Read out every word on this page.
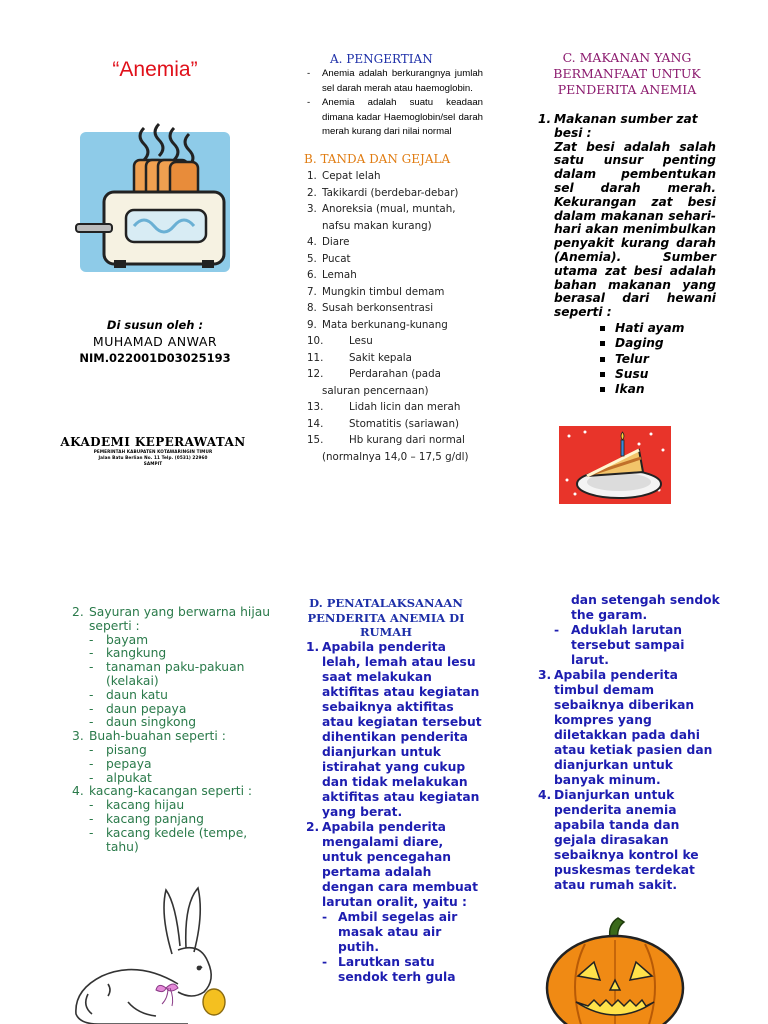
“Anemia”
Di susun oleh :
MUHAMAD ANWAR
NIM.022001D03025193
AKADEMI KEPERAWATAN
PEMERINTAH KABUPATEN KOTAWARINGIN TIMUR
Jalan Batu Berlian No. 11 Telp. (0531) 22960
SAMPIT
A. PENGERTIAN
- Anemia adalah berkurangnya jumlah sel darah merah atau haemoglobin.
- Anemia adalah suatu keadaan dimana kadar Haemoglobin/sel darah merah kurang dari nilai normal
B. TANDA DAN GEJALA
1. Cepat lelah
2. Takikardi (berdebar-debar)
3. Anoreksia (mual, muntah,
nafsu makan kurang)
4. Diare
5. Pucat
6. Lemah
7. Mungkin timbul demam
8. Susah berkonsentrasi
9. Mata berkunang-kunang
10. Lesu
11. Sakit kepala
12. Perdarahan (pada
saluran pencernaan)
13. Lidah licin dan merah
14. Stomatitis (sariawan)
15. Hb kurang dari normal
(normalnya 14,0 – 17,5 g/dl)
C. MAKANAN YANG
BERMANFAAT UNTUK
PENDERITA ANEMIA
1. Makanan sumber zat besi :
Zat besi adalah salah satu unsur penting dalam pembentukan sel darah merah. Kekurangan zat besi dalam makanan sehari-hari akan menimbulkan penyakit kurang darah (Anemia). Sumber utama zat besi adalah bahan makanan yang berasal dari hewani seperti :
Hati ayam
Daging
Telur
Susu
Ikan
2. Sayuran yang berwarna hijau seperti :
- bayam
- kangkung
- tanaman paku-pakuan (kelakai)
- daun katu
- daun pepaya
- daun singkong
3. Buah-buahan seperti :
- pisang
- pepaya
- alpukat
4. kacang-kacangan seperti :
- kacang hijau
- kacang panjang
- kacang kedele (tempe, tahu)
D. PENATALAKSANAAN
PENDERITA ANEMIA DI
RUMAH
1. Apabila penderita lelah, lemah atau lesu saat melakukan aktifitas atau kegiatan sebaiknya aktifitas atau kegiatan tersebut dihentikan penderita dianjurkan untuk istirahat yang cukup dan tidak melakukan aktifitas atau kegiatan yang berat.
2. Apabila penderita mengalami diare, untuk pencegahan pertama adalah dengan cara membuat larutan oralit, yaitu :
- Ambil segelas air masak atau air putih.
- Larutkan satu sendok terh gula
dan setengah sendok the garam.
- Aduklah larutan tersebut sampai larut.
3. Apabila penderita timbul demam sebaiknya diberikan kompres yang diletakkan pada dahi atau ketiak pasien dan dianjurkan untuk banyak minum.
4. Dianjurkan untuk penderita anemia apabila tanda dan gejala dirasakan sebaiknya kontrol ke puskesmas terdekat atau rumah sakit.
